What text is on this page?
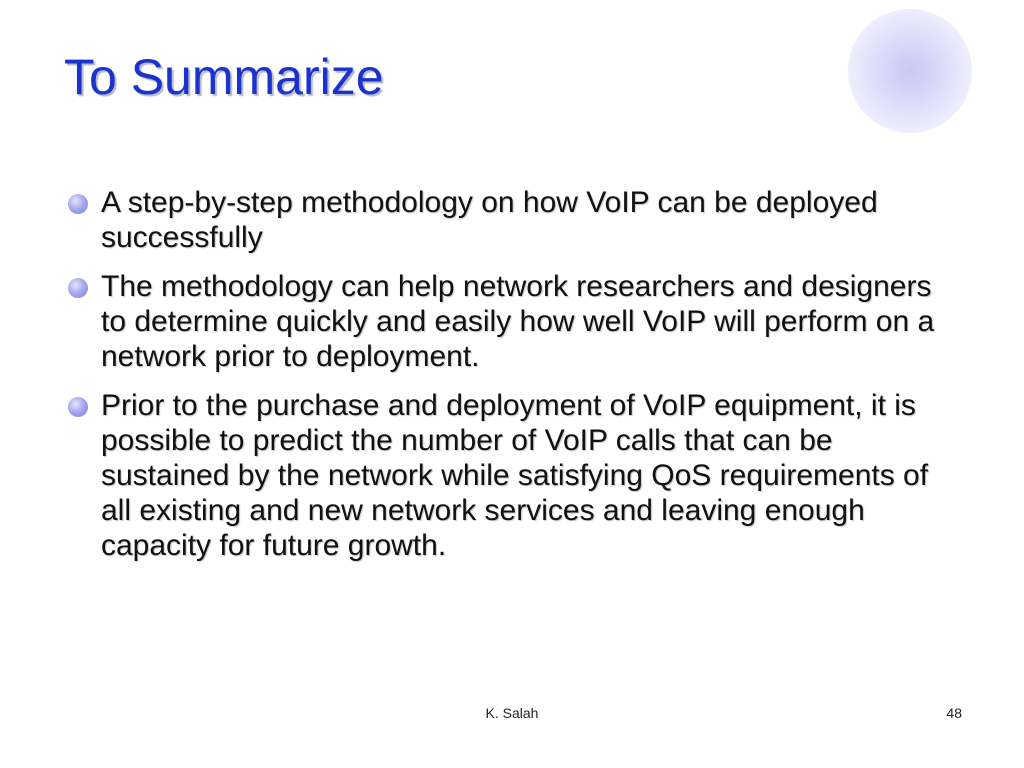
To Summarize
A step-by-step methodology on how VoIP can be deployed successfully
The methodology can help network researchers and designers to determine quickly and easily how well VoIP will perform on a network prior to deployment.
Prior to the purchase and deployment of VoIP equipment, it is possible to predict the number of VoIP calls that can be sustained by the network while satisfying QoS requirements of all existing and new network services and leaving enough capacity for future growth.
K. Salah	48
